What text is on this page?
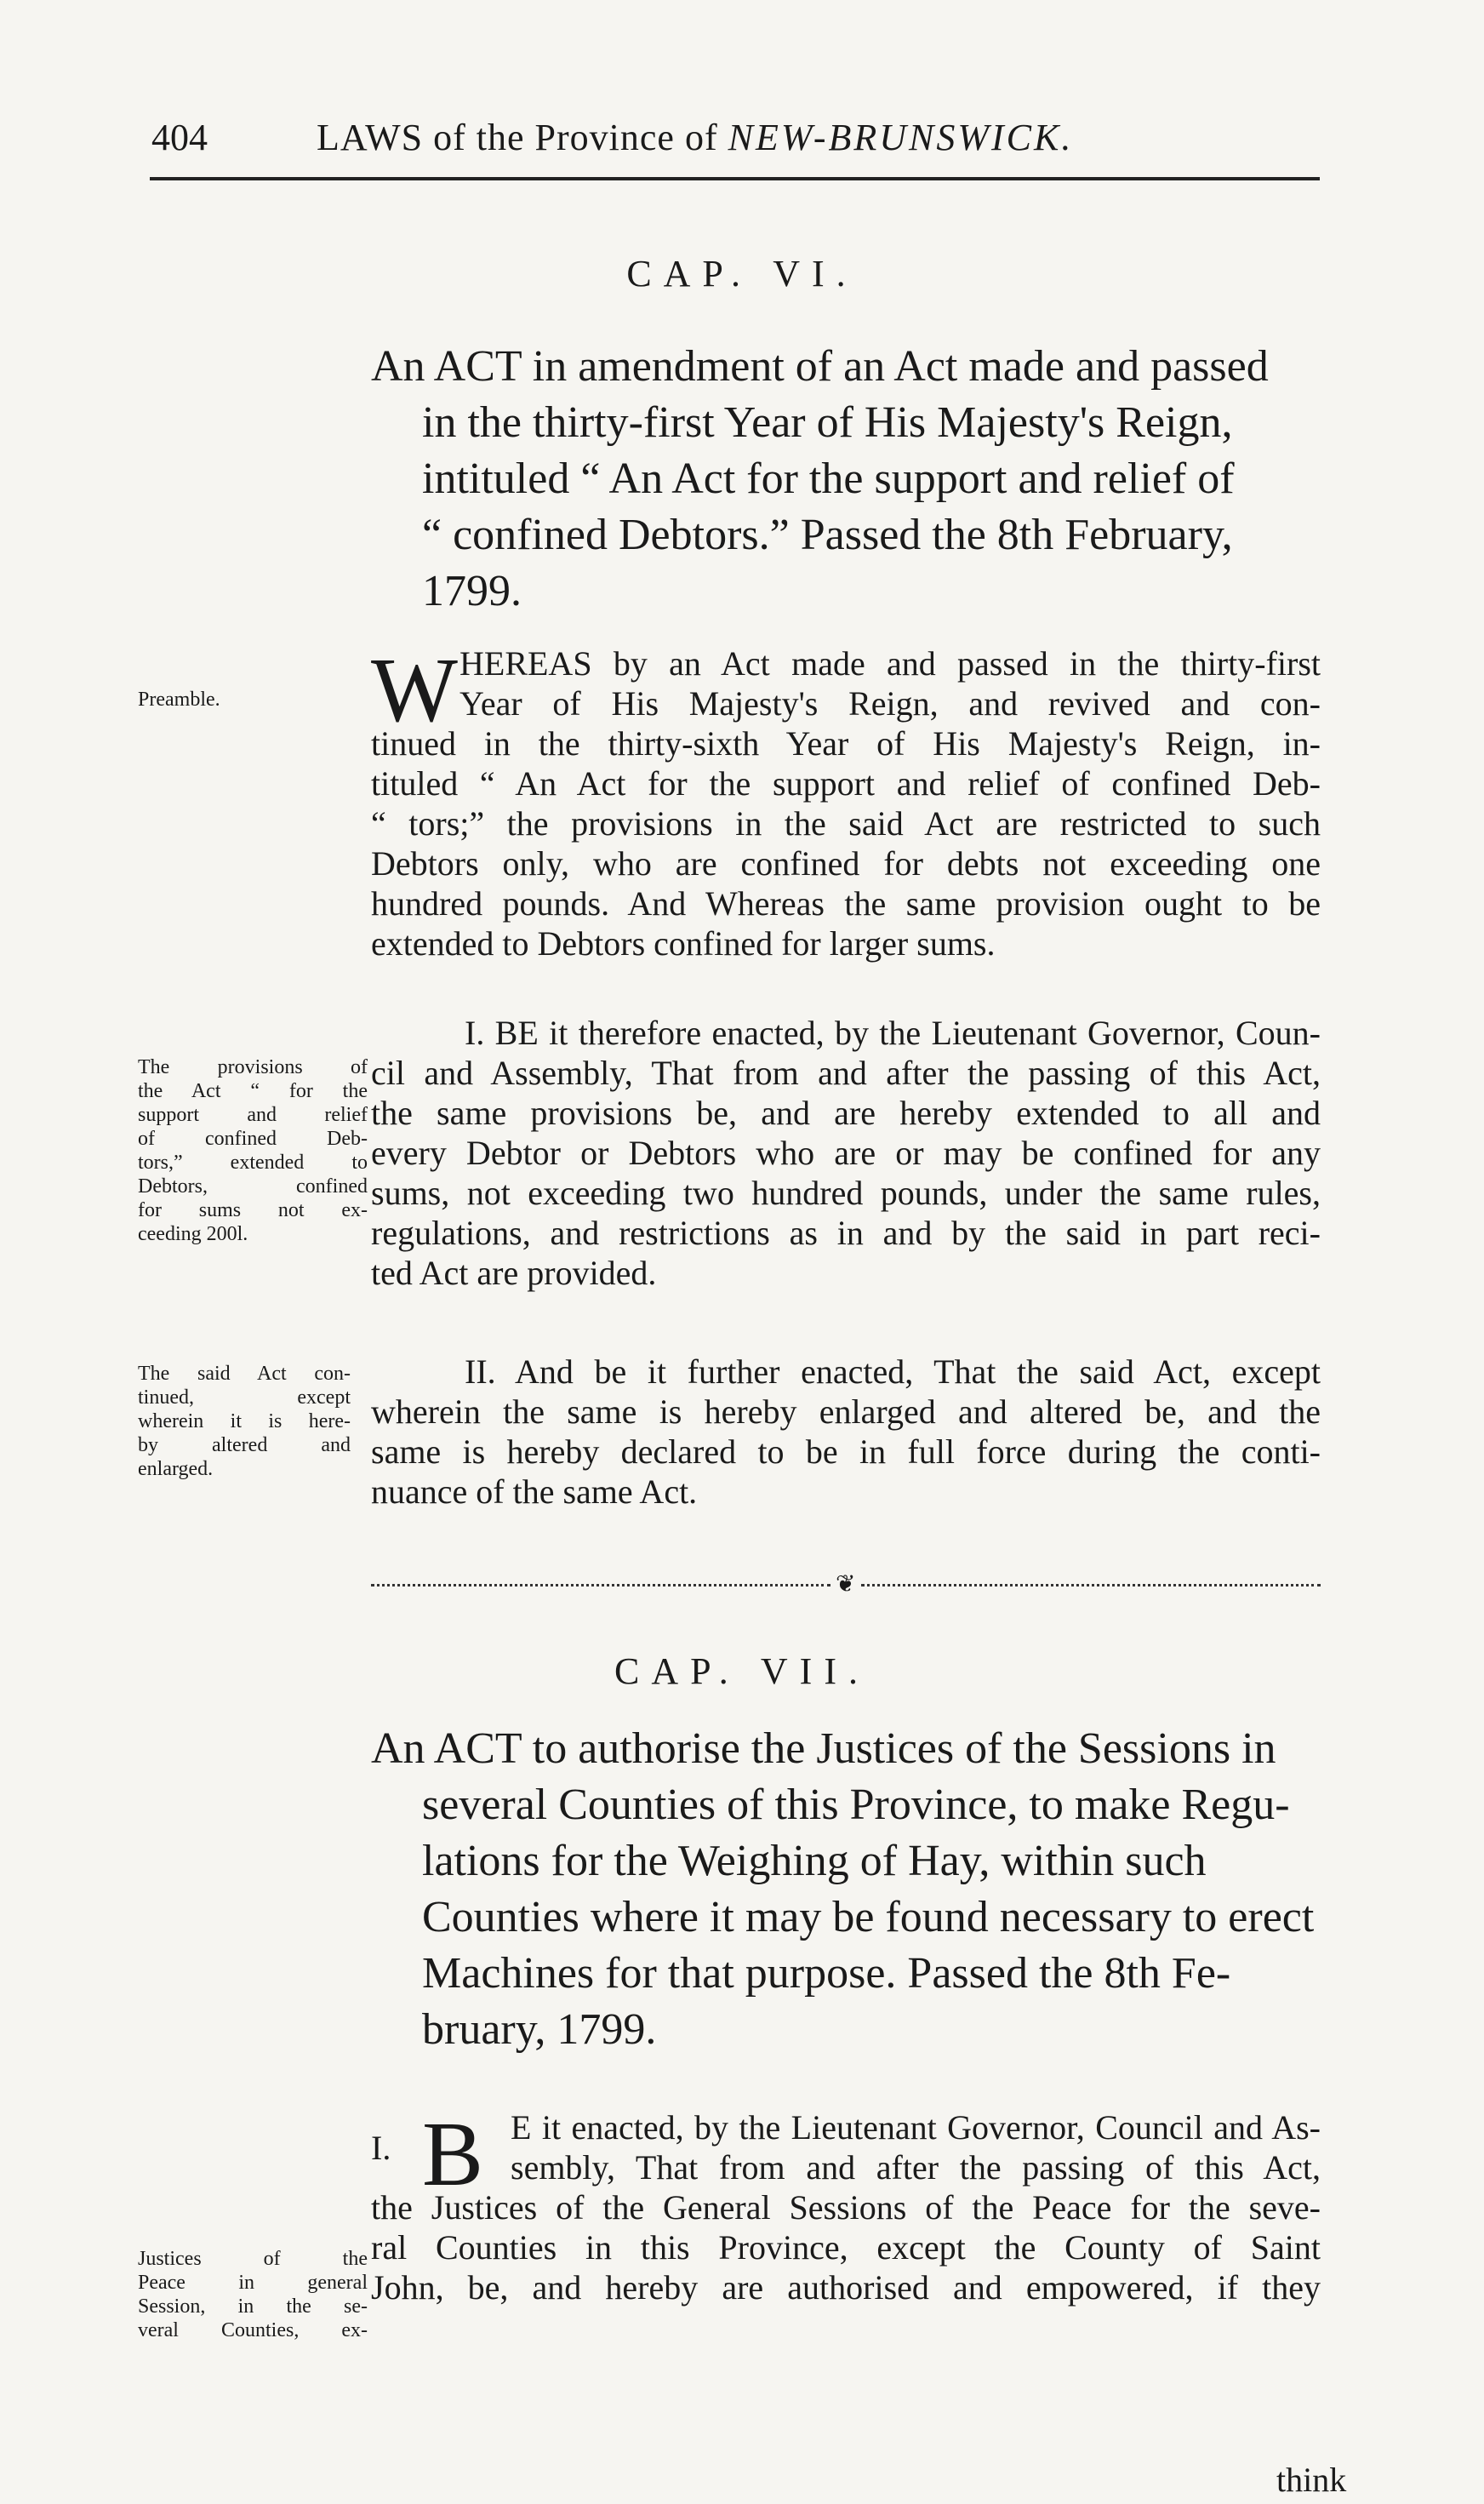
404	LAWS of the Province of NEW-BRUNSWICK.
CAP. VI.
An ACT in amendment of an Act made and passed
in the thirty-first Year of His Majesty's Reign,
intituled “ An Act for the support and relief of
“ confined Debtors.” Passed the 8th February,
1799.
Preamble.	W HEREAS by an Act made and passed in the thirty-first
Year of His Majesty's Reign, and revived and con-
tinued in the thirty-sixth Year of His Majesty's Reign, in-
tituled “ An Act for the support and relief of confined Deb-
“ tors;” the provisions in the said Act are restricted to such
Debtors only, who are confined for debts not exceeding one
hundred pounds. And Whereas the same provision ought to be
extended to Debtors confined for larger sums.
The provisions of
the Act “ for the
support and relief
of confined Deb-
tors,” extended to
Debtors, confined
for sums not ex-
ceeding 200l.
I. BE it therefore enacted, by the Lieutenant Governor, Coun-
cil and Assembly, That from and after the passing of this Act,
the same provisions be, and are hereby extended to all and
every Debtor or Debtors who are or may be confined for any
sums, not exceeding two hundred pounds, under the same rules,
regulations, and restrictions as in and by the said in part reci-
ted Act are provided.
The said Act con-
tinued, except
wherein it is here-
by altered and
enlarged.
II. And be it further enacted, That the said Act, except
wherein the same is hereby enlarged and altered be, and the
same is hereby declared to be in full force during the conti-
nuance of the same Act.
❦
CAP. VII.
An ACT to authorise the Justices of the Sessions in
several Counties of this Province, to make Regu-
lations for the Weighing of Hay, within such
Counties where it may be found necessary to erect
Machines for that purpose. Passed the 8th Fe-
bruary, 1799.
I. B
Justices of the
Peace in general
Session, in the se-
veral Counties, ex-
E it enacted, by the Lieutenant Governor, Council and As-
sembly, That from and after the passing of this Act,
the Justices of the General Sessions of the Peace for the seve-
ral Counties in this Province, except the County of Saint
John, be, and hereby are authorised and empowered, if they
think
